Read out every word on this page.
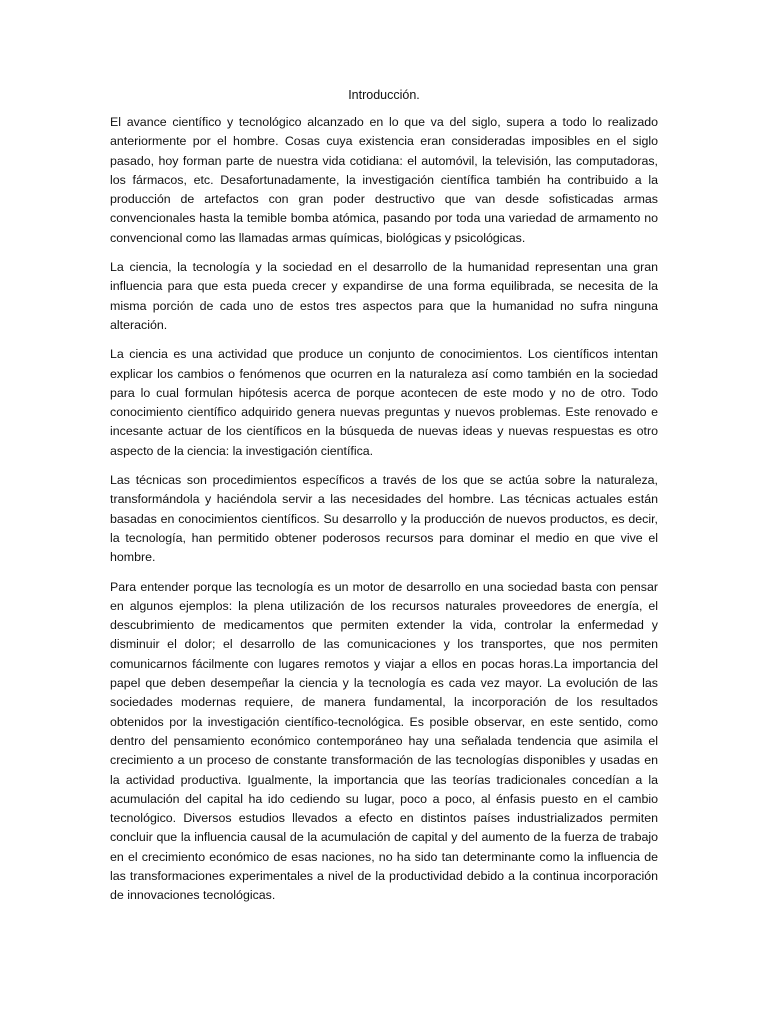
Introducción.

El avance científico y tecnológico alcanzado en lo que va del siglo, supera a todo lo realizado anteriormente por el hombre. Cosas cuya existencia eran consideradas imposibles en el siglo pasado, hoy forman parte de nuestra vida cotidiana: el automóvil, la televisión, las computadoras, los fármacos, etc. Desafortunadamente, la investigación científica también ha contribuido a la producción de artefactos con gran poder destructivo que van desde sofisticadas armas convencionales hasta la temible bomba atómica, pasando por toda una variedad de armamento no convencional como las llamadas armas químicas, biológicas y psicológicas.

La ciencia, la tecnología y la sociedad en el desarrollo de la humanidad representan una gran influencia para que esta pueda crecer y expandirse de una forma equilibrada, se necesita de la misma porción de cada uno de estos tres aspectos para que la humanidad no sufra ninguna alteración.

La ciencia es una actividad que produce un conjunto de conocimientos. Los científicos intentan explicar los cambios o fenómenos que ocurren en la naturaleza así como también en la sociedad para lo cual formulan hipótesis acerca de porque acontecen de este modo y no de otro. Todo conocimiento científico adquirido genera nuevas preguntas y nuevos problemas. Este renovado e incesante actuar de los científicos en la búsqueda de nuevas ideas y nuevas respuestas es otro aspecto de la ciencia: la investigación científica.

Las técnicas son procedimientos específicos a través de los que se actúa sobre la naturaleza, transformándola y haciéndola servir a las necesidades del hombre. Las técnicas actuales están basadas en conocimientos científicos. Su desarrollo y la producción de nuevos productos, es decir, la tecnología, han permitido obtener poderosos recursos para dominar el medio en que vive el hombre.

Para entender porque las tecnología es un motor de desarrollo en una sociedad basta con pensar en algunos ejemplos: la plena utilización de los recursos naturales proveedores de energía, el descubrimiento de medicamentos que permiten extender la vida, controlar la enfermedad y disminuir el dolor; el desarrollo de las comunicaciones y los transportes, que nos permiten comunicarnos fácilmente con lugares remotos y viajar a ellos en pocas horas.La importancia del papel que deben desempeñar la ciencia y la tecnología es cada vez mayor. La evolución de las sociedades modernas requiere, de manera fundamental, la incorporación de los resultados obtenidos por la investigación científico-tecnológica. Es posible observar, en este sentido, como dentro del pensamiento económico contemporáneo hay una señalada tendencia que asimila el crecimiento a un proceso de constante transformación de las tecnologías disponibles y usadas en la actividad productiva. Igualmente, la importancia que las teorías tradicionales concedían a la acumulación del capital ha ido cediendo su lugar, poco a poco, al énfasis puesto en el cambio tecnológico. Diversos estudios llevados a efecto en distintos países industrializados permiten concluir que la influencia causal de la acumulación de capital y del aumento de la fuerza de trabajo en el crecimiento económico de esas naciones, no ha sido tan determinante como la influencia de las transformaciones experimentales a nivel de la productividad debido a la continua incorporación de innovaciones tecnológicas.
